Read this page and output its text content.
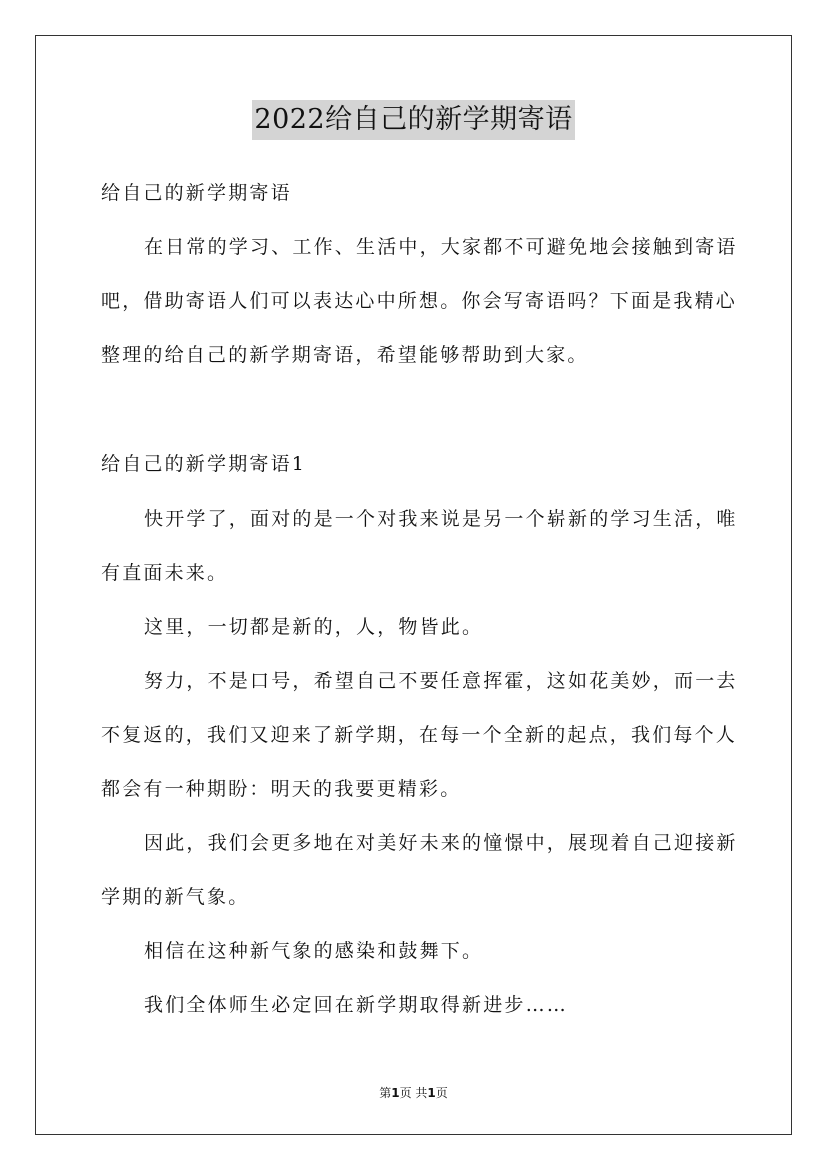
2022给自己的新学期寄语
给自己的新学期寄语
在日常的学习、工作、生活中，大家都不可避免地会接触到寄语
吧，借助寄语人们可以表达心中所想。你会写寄语吗？下面是我精心
整理的给自己的新学期寄语，希望能够帮助到大家。
给自己的新学期寄语1
快开学了，面对的是一个对我来说是另一个崭新的学习生活，唯
有直面未来。
这里，一切都是新的，人，物皆此。
努力，不是口号，希望自己不要任意挥霍，这如花美妙，而一去
不复返的，我们又迎来了新学期，在每一个全新的起点，我们每个人
都会有一种期盼：明天的我要更精彩。
因此，我们会更多地在对美好未来的憧憬中，展现着自己迎接新
学期的新气象。
相信在这种新气象的感染和鼓舞下。
我们全体师生必定回在新学期取得新进步……
第1页 共1页
